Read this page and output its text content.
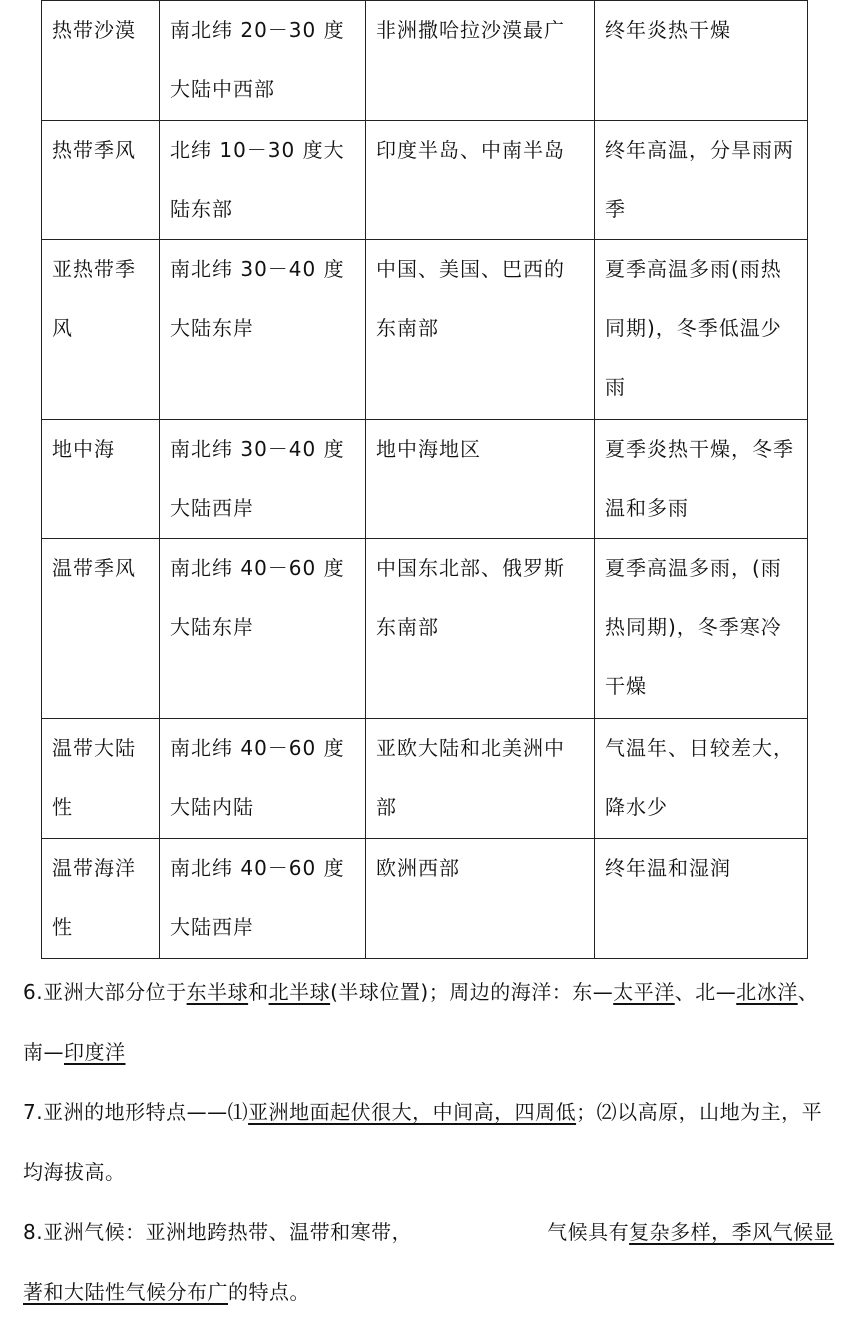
热带沙漠	南北纬 20－30 度大陆中西部	非洲撒哈拉沙漠最广	终年炎热干燥

热带季风	北纬 10－30 度大陆东部	印度半岛、中南半岛	终年高温，分旱雨两季

亚热带季风	南北纬 30－40 度大陆东岸	中国、美国、巴西的东南部	夏季高温多雨(雨热同期)，冬季低温少雨

地中海	南北纬 30－40 度大陆西岸	地中海地区	夏季炎热干燥，冬季温和多雨

温带季风	南北纬 40－60 度大陆东岸	中国东北部、俄罗斯东南部	夏季高温多雨，(雨热同期)，冬季寒冷干燥

温带大陆性	南北纬 40－60 度大陆内陆	亚欧大陆和北美洲中部	气温年、日较差大，降水少

温带海洋性	南北纬 40－60 度大陆西岸	欧洲西部	终年温和湿润

6.亚洲大部分位于东半球和北半球(半球位置)；周边的海洋：东—太平洋、北—北冰洋、南—印度洋

7.亚洲的地形特点——⑴亚洲地面起伏很大，中间高，四周低；⑵以高原，山地为主，平均海拔高。

8.亚洲气候：亚洲地跨热带、温带和寒带，	气候具有复杂多样，季风气候显著和大陆性气候分布广的特点。
